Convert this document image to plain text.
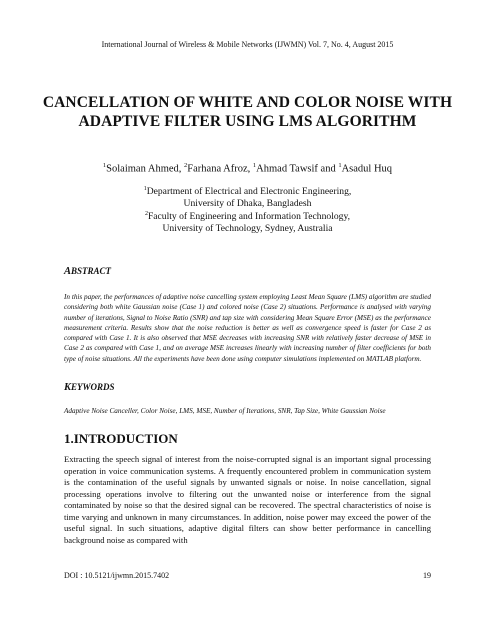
International Journal of Wireless & Mobile Networks (IJWMN) Vol. 7, No. 4, August 2015
CANCELLATION OF WHITE AND COLOR NOISE WITH ADAPTIVE FILTER USING LMS ALGORITHM
$^1$Solaiman Ahmed, $^2$Farhana Afroz, $^1$Ahmad Tawsif and $^1$Asadul Huq
$^1$Department of Electrical and Electronic Engineering,
University of Dhaka, Bangladesh
$^2$Faculty of Engineering and Information Technology,
University of Technology, Sydney, Australia
ABSTRACT
In this paper, the performances of adaptive noise cancelling system employing Least Mean Square (LMS) algorithm are studied considering both white Gaussian noise (Case 1) and colored noise (Case 2) situations. Performance is analysed with varying number of iterations, Signal to Noise Ratio (SNR) and tap size with considering Mean Square Error (MSE) as the performance measurement criteria. Results show that the noise reduction is better as well as convergence speed is faster for Case 2 as compared with Case 1. It is also observed that MSE decreases with increasing SNR with relatively faster decrease of MSE in Case 2 as compared with Case 1, and on average MSE increases linearly with increasing number of filter coefficients for both type of noise situations. All the experiments have been done using computer simulations implemented on MATLAB platform.
KEYWORDS
Adaptive Noise Canceller, Color Noise, LMS, MSE, Number of Iterations, SNR, Tap Size, White Gaussian Noise
1.INTRODUCTION
Extracting the speech signal of interest from the noise-corrupted signal is an important signal processing operation in voice communication systems. A frequently encountered problem in communication system is the contamination of the useful signals by unwanted signals or noise. In noise cancellation, signal processing operations involve to filtering out the unwanted noise or interference from the signal contaminated by noise so that the desired signal can be recovered. The spectral characteristics of noise is time varying and unknown in many circumstances. In addition, noise power may exceed the power of the useful signal. In such situations, adaptive digital filters can show better performance in cancelling background noise as compared with
DOI : 10.5121/ijwmn.2015.7402	19
